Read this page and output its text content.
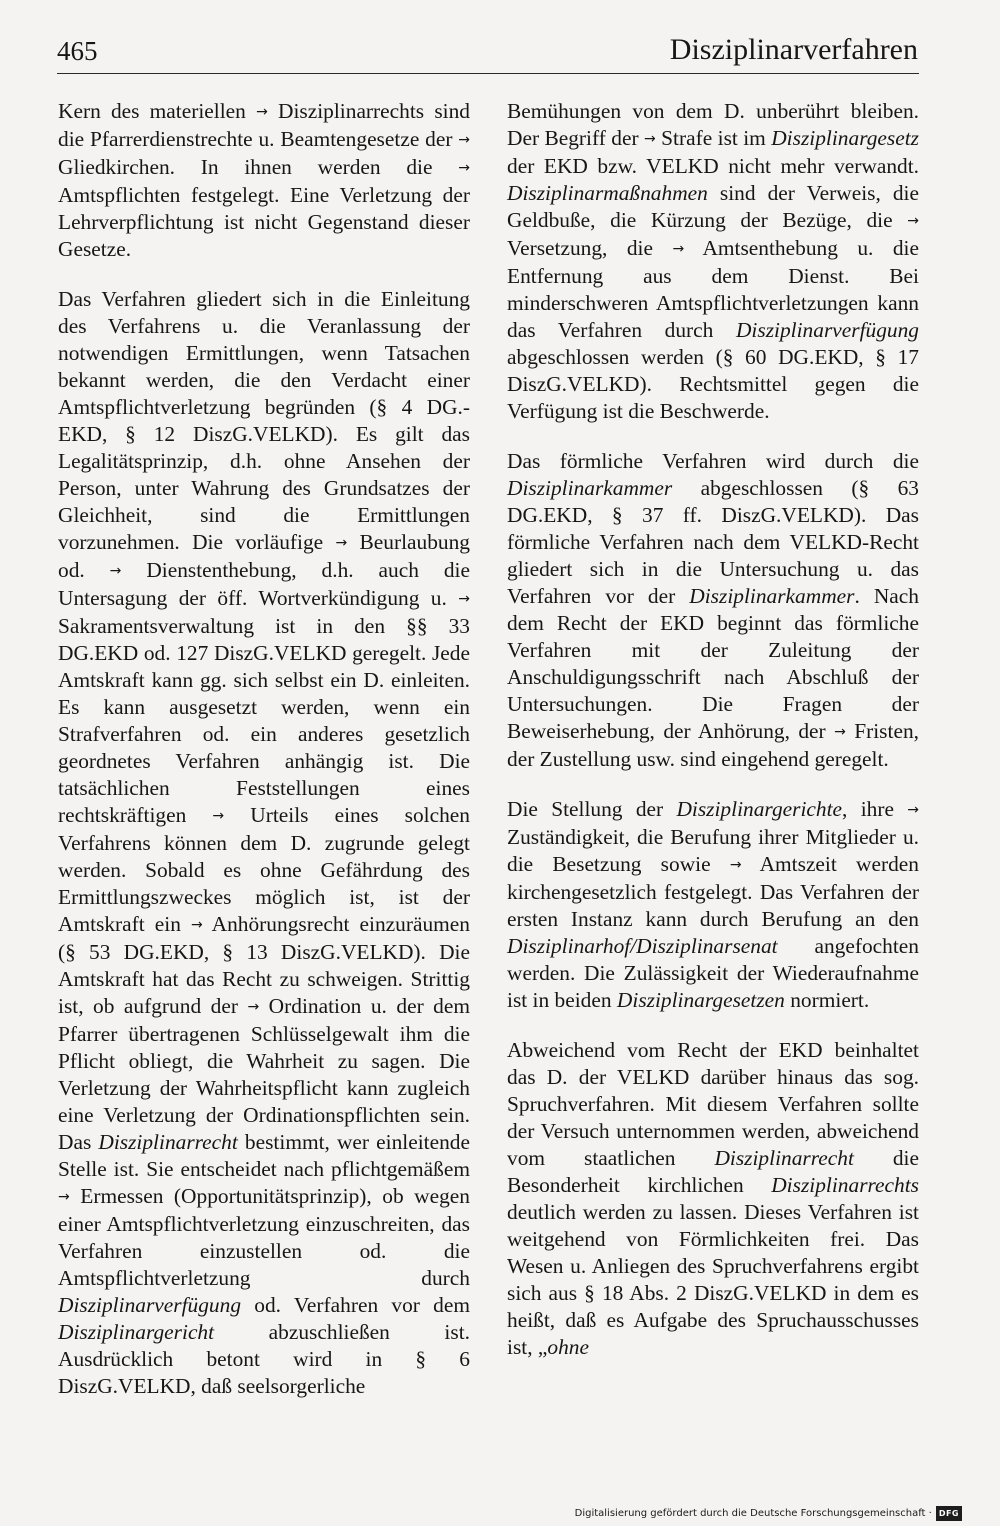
465	Disziplinarverfahren

Kern des materiellen → Disziplinarrechts sind die Pfarrerdienstrechte u. Beamtengesetze der → Gliedkirchen. In ihnen werden die → Amtspflichten festgelegt. Eine Verletzung der Lehrverpflichtung ist nicht Gegenstand dieser Gesetze.

Das Verfahren gliedert sich in die Einleitung des Verfahrens u. die Veranlassung der notwendigen Ermittlungen, wenn Tatsachen bekannt werden, die den Verdacht einer Amtspflichtverletzung begründen (§ 4 DG.-EKD, § 12 DiszG.VELKD). Es gilt das Legalitätsprinzip, d.h. ohne Ansehen der Person, unter Wahrung des Grundsatzes der Gleichheit, sind die Ermittlungen vorzunehmen. Die vorläufige → Beurlaubung od. → Dienstenthebung, d.h. auch die Untersagung der öff. Wortverkündigung u. → Sakramentsverwaltung ist in den §§ 33 DG.EKD od. 127 DiszG.VELKD geregelt. Jede Amtskraft kann gg. sich selbst ein D. einleiten. Es kann ausgesetzt werden, wenn ein Strafverfahren od. ein anderes gesetzlich geordnetes Verfahren anhängig ist. Die tatsächlichen Feststellungen eines rechtskräftigen → Urteils eines solchen Verfahrens können dem D. zugrunde gelegt werden. Sobald es ohne Gefährdung des Ermittlungszweckes möglich ist, ist der Amtskraft ein → Anhörungsrecht einzuräumen (§ 53 DG.EKD, § 13 DiszG.VELKD). Die Amtskraft hat das Recht zu schweigen. Strittig ist, ob aufgrund der → Ordination u. der dem Pfarrer übertragenen Schlüsselgewalt ihm die Pflicht obliegt, die Wahrheit zu sagen. Die Verletzung der Wahrheitspflicht kann zugleich eine Verletzung der Ordinationspflichten sein. Das Disziplinarrecht bestimmt, wer einleitende Stelle ist. Sie entscheidet nach pflichtgemäßem → Ermessen (Opportunitätsprinzip), ob wegen einer Amtspflichtverletzung einzuschreiten, das Verfahren einzustellen od. die Amtspflichtverletzung durch Disziplinarverfügung od. Verfahren vor dem Disziplinargericht abzuschließen ist. Ausdrücklich betont wird in § 6 DiszG.VELKD, daß seelsorgerliche

Bemühungen von dem D. unberührt bleiben. Der Begriff der → Strafe ist im Disziplinargesetz der EKD bzw. VELKD nicht mehr verwandt. Disziplinarmaßnahmen sind der Verweis, die Geldbuße, die Kürzung der Bezüge, die → Versetzung, die → Amtsenthebung u. die Entfernung aus dem Dienst. Bei minderschweren Amtspflichtverletzungen kann das Verfahren durch Disziplinarverfügung abgeschlossen werden (§ 60 DG.EKD, § 17 DiszG.VELKD). Rechtsmittel gegen die Verfügung ist die Beschwerde.

Das förmliche Verfahren wird durch die Disziplinarkammer abgeschlossen (§ 63 DG.EKD, § 37 ff. DiszG.VELKD). Das förmliche Verfahren nach dem VELKD-Recht gliedert sich in die Untersuchung u. das Verfahren vor der Disziplinarkammer. Nach dem Recht der EKD beginnt das förmliche Verfahren mit der Zuleitung der Anschuldigungsschrift nach Abschluß der Untersuchungen. Die Fragen der Beweiserhebung, der Anhörung, der → Fristen, der Zustellung usw. sind eingehend geregelt.

Die Stellung der Disziplinargerichte, ihre → Zuständigkeit, die Berufung ihrer Mitglieder u. die Besetzung sowie → Amtszeit werden kirchengesetzlich festgelegt. Das Verfahren der ersten Instanz kann durch Berufung an den Disziplinarhof/Disziplinarsenat angefochten werden. Die Zulässigkeit der Wiederaufnahme ist in beiden Disziplinargesetzen normiert.

Abweichend vom Recht der EKD beinhaltet das D. der VELKD darüber hinaus das sog. Spruchverfahren. Mit diesem Verfahren sollte der Versuch unternommen werden, abweichend vom staatlichen Disziplinarrecht die Besonderheit kirchlichen Disziplinarrechts deutlich werden zu lassen. Dieses Verfahren ist weitgehend von Förmlichkeiten frei. Das Wesen u. Anliegen des Spruchverfahrens ergibt sich aus § 18 Abs. 2 DiszG.VELKD in dem es heißt, daß es Aufgabe des Spruchausschusses ist, „ohne

Digitalisierung gefördert durch die Deutsche Forschungsgemeinschaft · DFG
